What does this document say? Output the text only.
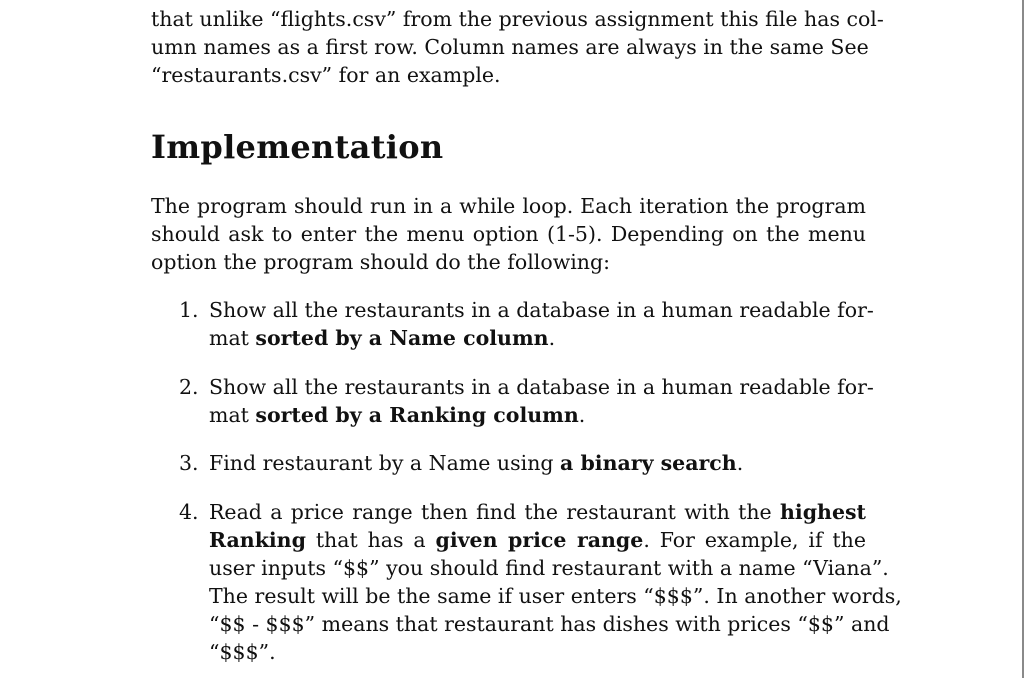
that unlike “flights.csv” from the previous assignment this file has col-
umn names as a first row. Column names are always in the same See
“restaurants.csv” for an example.
Implementation
The program should run in a while loop. Each iteration the program
should ask to enter the menu option (1-5). Depending on the menu
option the program should do the following:
1. Show all the restaurants in a database in a human readable for-
mat sorted by a Name column.
2. Show all the restaurants in a database in a human readable for-
mat sorted by a Ranking column.
3. Find restaurant by a Name using a binary search.
4. Read a price range then find the restaurant with the highest
Ranking that has a given price range. For example, if the
user inputs “$$” you should find restaurant with a name “Viana”.
The result will be the same if user enters “$$$”. In another words,
“$$ - $$$” means that restaurant has dishes with prices “$$” and
“$$$”.
